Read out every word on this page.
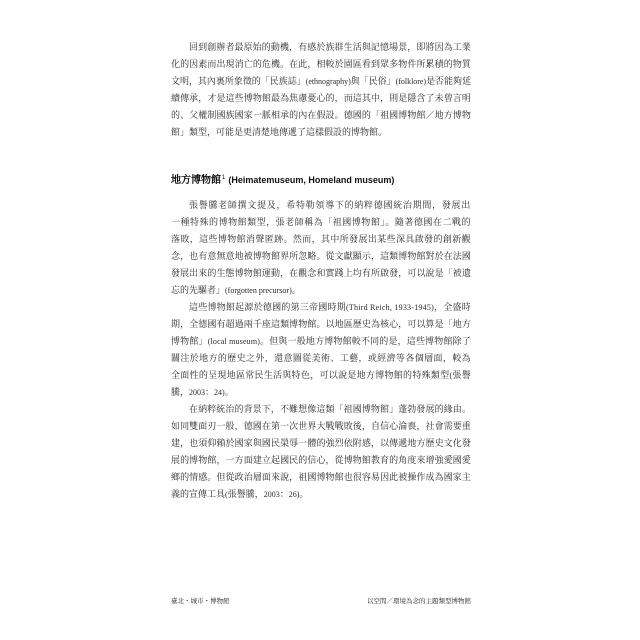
回到創辦者最原始的動機，有感於族群生活與記憶場景，即將因為工業
化的因素而出現消亡的危機。在此，相較於園區看到眾多物件所累積的物質
文明，其內裏所象徵的「民族誌」(ethnography)與「民俗」(folklore)是否能夠延
續傳承，才是這些博物館最為焦慮憂心的，而這其中，則是隱含了未曾言明
的、父權制國族國家一脈相承的內在假設。德國的「祖國博物館／地方博物
館」類型，可能是更清楚地傳遞了這樣假設的博物館。
地方博物館$^1$ (Heimatemuseum, Homeland museum)
張譽騰老師撰文提及，希特勒領導下的納粹德國統治期間，發展出
一種特殊的博物館類型，張老師稱為「祖國博物館」。隨著德國在二戰的
落敗，這些博物館消聲匿跡。然而，其中所發展出某些深具啟發的創新觀
念，也有意無意地被博物館界所忽略。從文獻顯示，這類博物館對於在法國
發展出來的生態博物館運動，在觀念和實踐上均有所啟發，可以說是「被遺
忘的先驅者」(forgotten precursor)。
這些博物館起源於德國的第三帝國時期(Third Reich, 1933-1945)，全盛時
期，全德國有超過兩千座這類博物館。以地區歷史為核心，可以算是「地方
博物館」(local museum)。但與一般地方博物館較不同的是，這些博物館除了
關注於地方的歷史之外，還意圖從美術、工藝，或經濟等各個層面，較為
全面性的呈現地區常民生活與特色，可以說是地方博物館的特殊類型(張譽
騰，2003：24)。
在納粹統治的背景下，不難想像這類「祖國博物館」蓬勃發展的緣由。
如同雙面刃一般，德國在第一次世界大戰戰敗後，自信心淪喪，社會需要重
建，也須仰賴於國家與國民榮辱一體的強烈依附感，以傳遞地方歷史文化發
展的博物館，一方面建立起國民的信心，從博物館教育的角度來增強愛國愛
鄉的情感。但從政治層面來說，祖國博物館也很容易因此被操作成為國家主
義的宣傳工具(張譽騰，2003：26)。
臺北・城市・博物館	以空間／環境為念的主題類型博物館
